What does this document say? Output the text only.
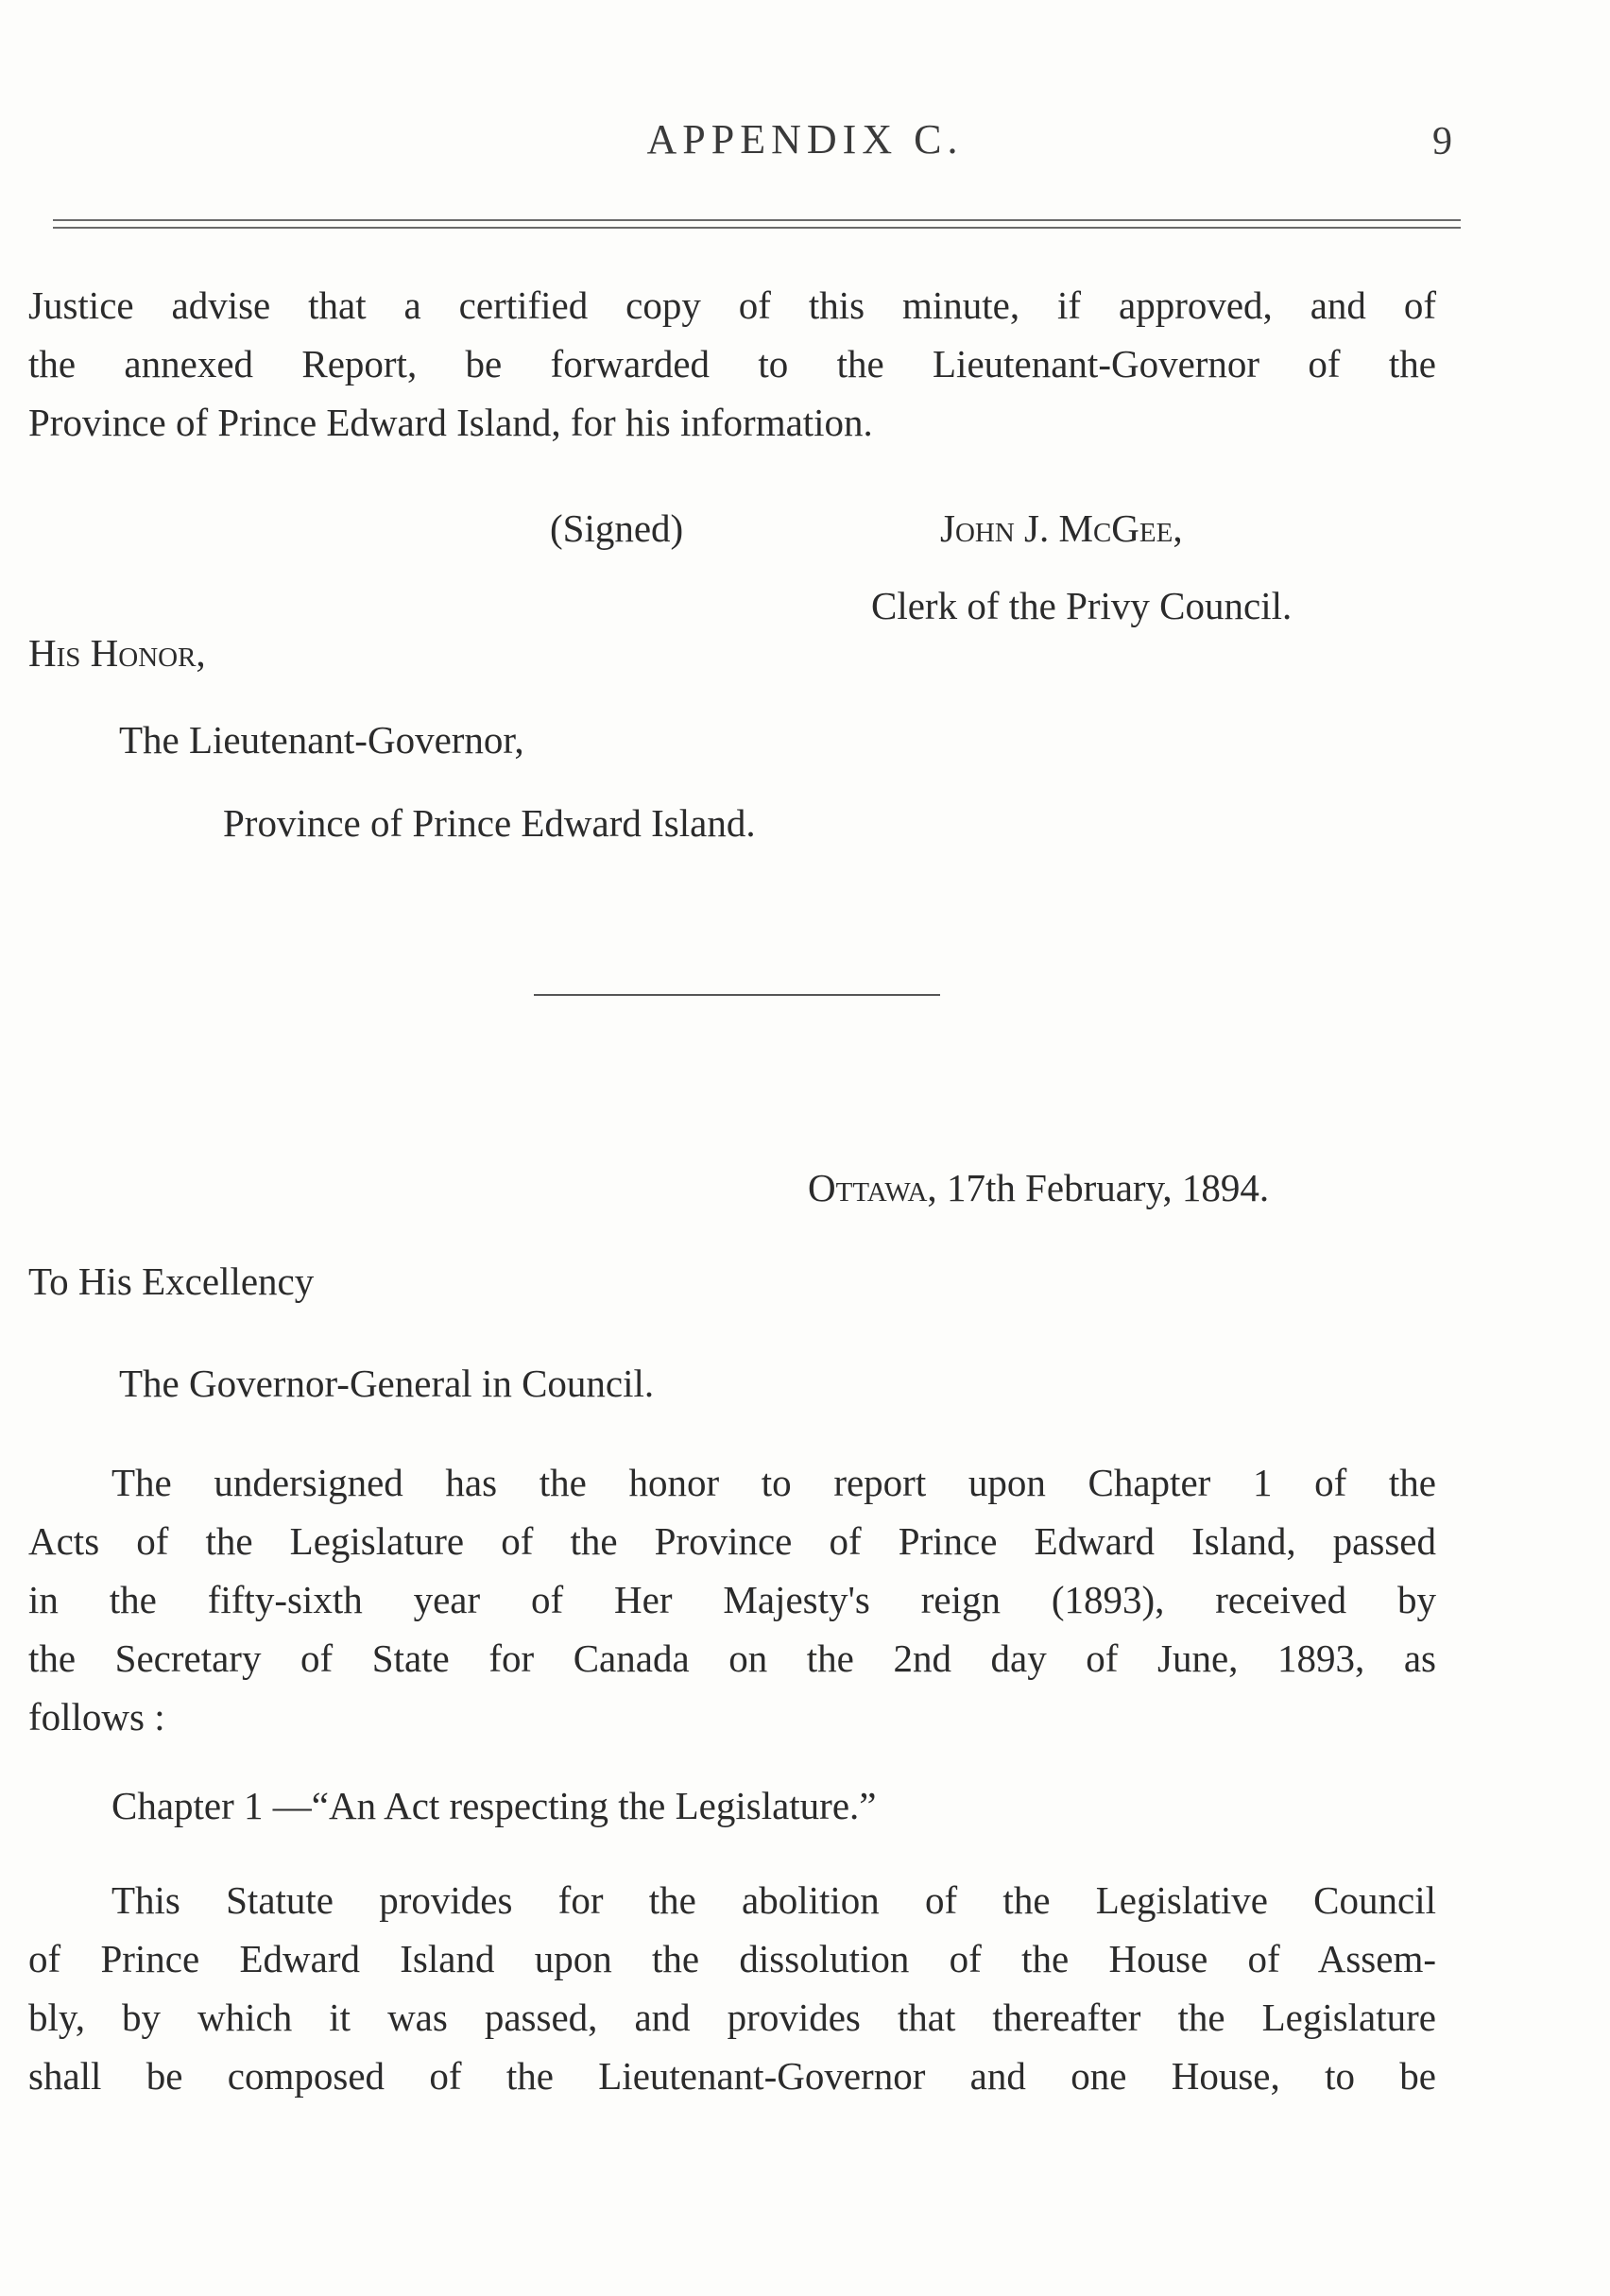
APPENDIX C.	9
Justice advise that a certified copy of this minute, if approved, and of
the annexed Report, be forwarded to the Lieutenant-Governor of the
Province of Prince Edward Island, for his information.
(Signed)	John J. McGee,
Clerk of the Privy Council.
His Honor,
The Lieutenant-Governor,
Province of Prince Edward Island.
Ottawa, 17th February, 1894.
To His Excellency
The Governor-General in Council.
The undersigned has the honor to report upon Chapter 1 of the
Acts of the Legislature of the Province of Prince Edward Island, passed
in the fifty-sixth year of Her Majesty's reign (1893), received by
the Secretary of State for Canada on the 2nd day of June, 1893, as
follows :
Chapter 1 —“An Act respecting the Legislature.”
This Statute provides for the abolition of the Legislative Council
of Prince Edward Island upon the dissolution of the House of Assem-
bly, by which it was passed, and provides that thereafter the Legislature
shall be composed of the Lieutenant-Governor and one House, to be
